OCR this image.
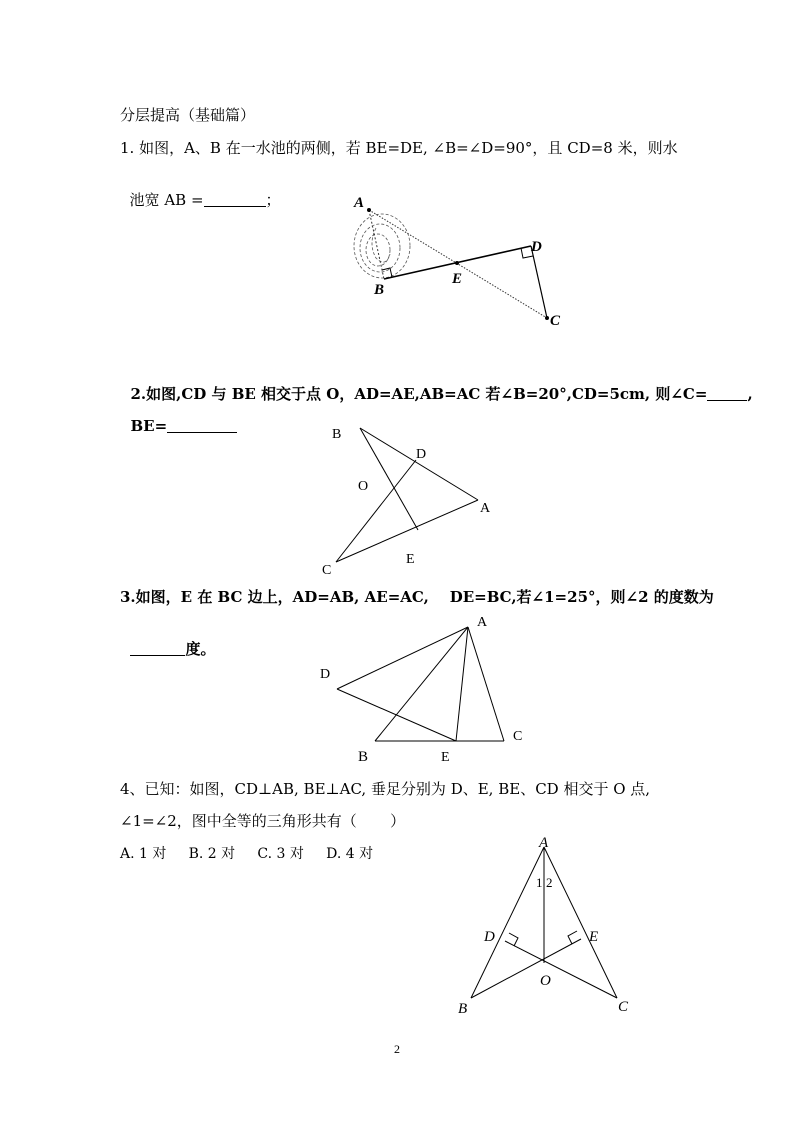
分层提高（基础篇）
1. 如图，A、B 在一水池的两侧，若 BE=DE, ∠B=∠D=90°，且 CD=8 米，则水

池宽 AB =	；	A
B
E
D
C

2.如图,CD 与 BE 相交于点 O，AD=AE,AB=AC 若∠B=20°,CD=5cm, 则∠C=	,

BE=	B
D
O
A
E
C
3.如图，E 在 BC 边上，AD=AB, AE=AC,    DE=BC,若∠1=25°，则∠2 的度数为

度。

A
D
B	E
C
4、已知：如图，CD⊥AB, BE⊥AC, 垂足分别为 D、E, BE、CD 相交于 O 点,
∠1=∠2，图中全等的三角形共有（       ）
A. 1 对     B. 2 对     C. 3 对     D. 4 对
A
1 2
D	E
O
B	C
2
